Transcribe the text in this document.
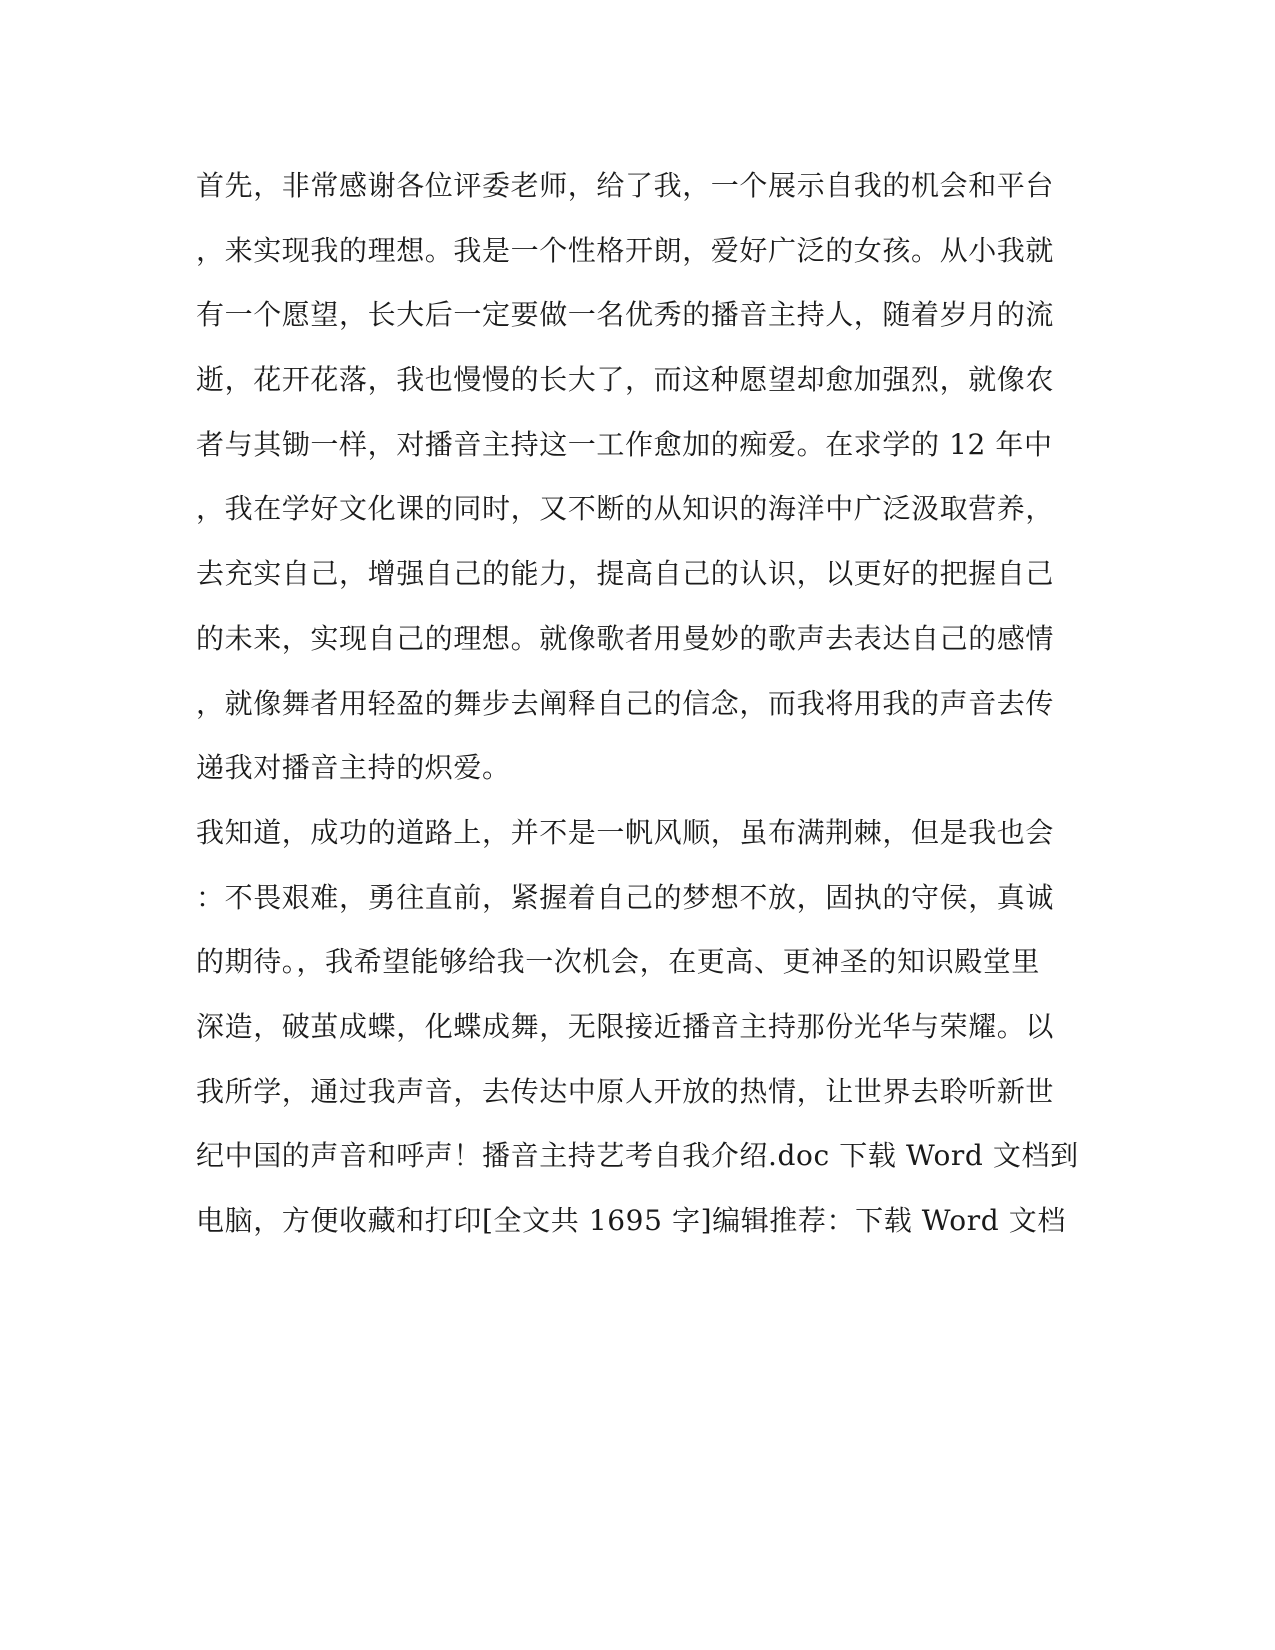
首先，非常感谢各位评委老师，给了我，一个展示自我的机会和平台
，来实现我的理想。我是一个性格开朗，爱好广泛的女孩。从小我就
有一个愿望，长大后一定要做一名优秀的播音主持人，随着岁月的流
逝，花开花落，我也慢慢的长大了，而这种愿望却愈加强烈，就像农
者与其锄一样，对播音主持这一工作愈加的痴爱。在求学的 12 年中
，我在学好文化课的同时，又不断的从知识的海洋中广泛汲取营养，
去充实自己，增强自己的能力，提高自己的认识，以更好的把握自己
的未来，实现自己的理想。就像歌者用曼妙的歌声去表达自己的感情
，就像舞者用轻盈的舞步去阐释自己的信念，而我将用我的声音去传
递我对播音主持的炽爱。
我知道，成功的道路上，并不是一帆风顺，虽布满荆棘，但是我也会
：不畏艰难，勇往直前，紧握着自己的梦想不放，固执的守侯，真诚
的期待。，我希望能够给我一次机会，在更高、更神圣的知识殿堂里
深造，破茧成蝶，化蝶成舞，无限接近播音主持那份光华与荣耀。以
我所学，通过我声音，去传达中原人开放的热情，让世界去聆听新世
纪中国的声音和呼声！播音主持艺考自我介绍.doc 下载 Word 文档到
电脑，方便收藏和打印[全文共 1695 字]编辑推荐：下载 Word 文档
